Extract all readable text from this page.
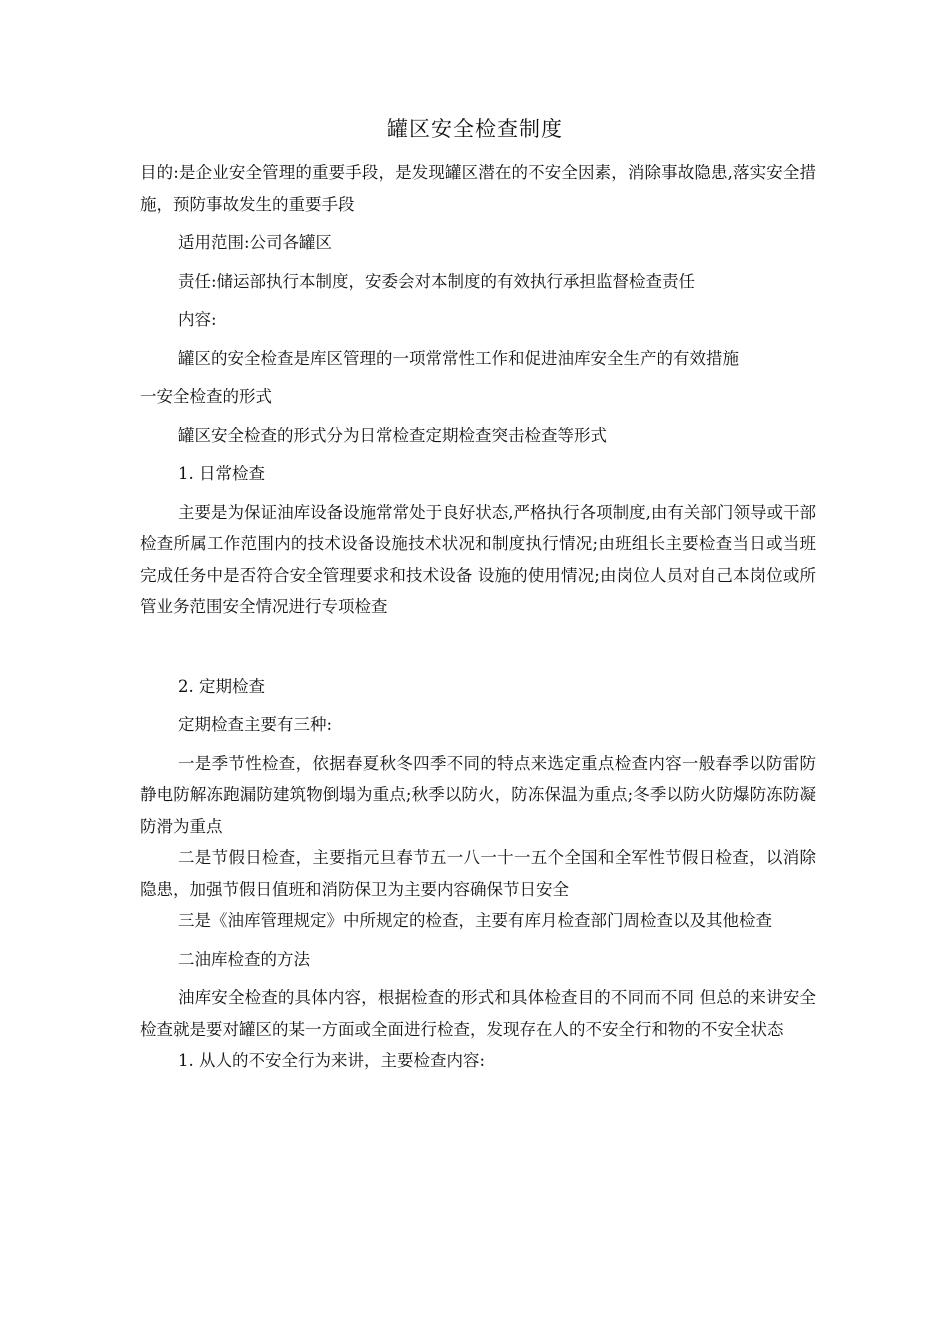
罐区安全检查制度

目的:是企业安全管理的重要手段，是发现罐区潜在的不安全因素，消除事故隐患,落实安全措施，预防事故发生的重要手段

适用范围:公司各罐区

责任:储运部执行本制度，安委会对本制度的有效执行承担监督检查责任

内容:

罐区的安全检查是库区管理的一项常常性工作和促进油库安全生产的有效措施

一安全检查的形式

罐区安全检查的形式分为日常检查定期检查突击检查等形式

1. 日常检查

主要是为保证油库设备设施常常处于良好状态,严格执行各项制度,由有关部门领导或干部检查所属工作范围内的技术设备设施技术状况和制度执行情况;由班组长主要检查当日或当班完成任务中是否符合安全管理要求和技术设备 设施的使用情况;由岗位人员对自己本岗位或所管业务范围安全情况进行专项检查

2. 定期检查

定期检查主要有三种:

一是季节性检查，依据春夏秋冬四季不同的特点来选定重点检查内容一般春季以防雷防静电防解冻跑漏防建筑物倒塌为重点;秋季以防火，防冻保温为重点;冬季以防火防爆防冻防凝防滑为重点

二是节假日检查，主要指元旦春节五一八一十一五个全国和全军性节假日检查，以消除隐患，加强节假日值班和消防保卫为主要内容确保节日安全

三是《油库管理规定》中所规定的检查，主要有库月检查部门周检查以及其他检查

二油库检查的方法

油库安全检查的具体内容，根据检查的形式和具体检查目的不同而不同 但总的来讲安全检查就是要对罐区的某一方面或全面进行检查，发现存在人的不安全行和物的不安全状态

1. 从人的不安全行为来讲，主要检查内容:
